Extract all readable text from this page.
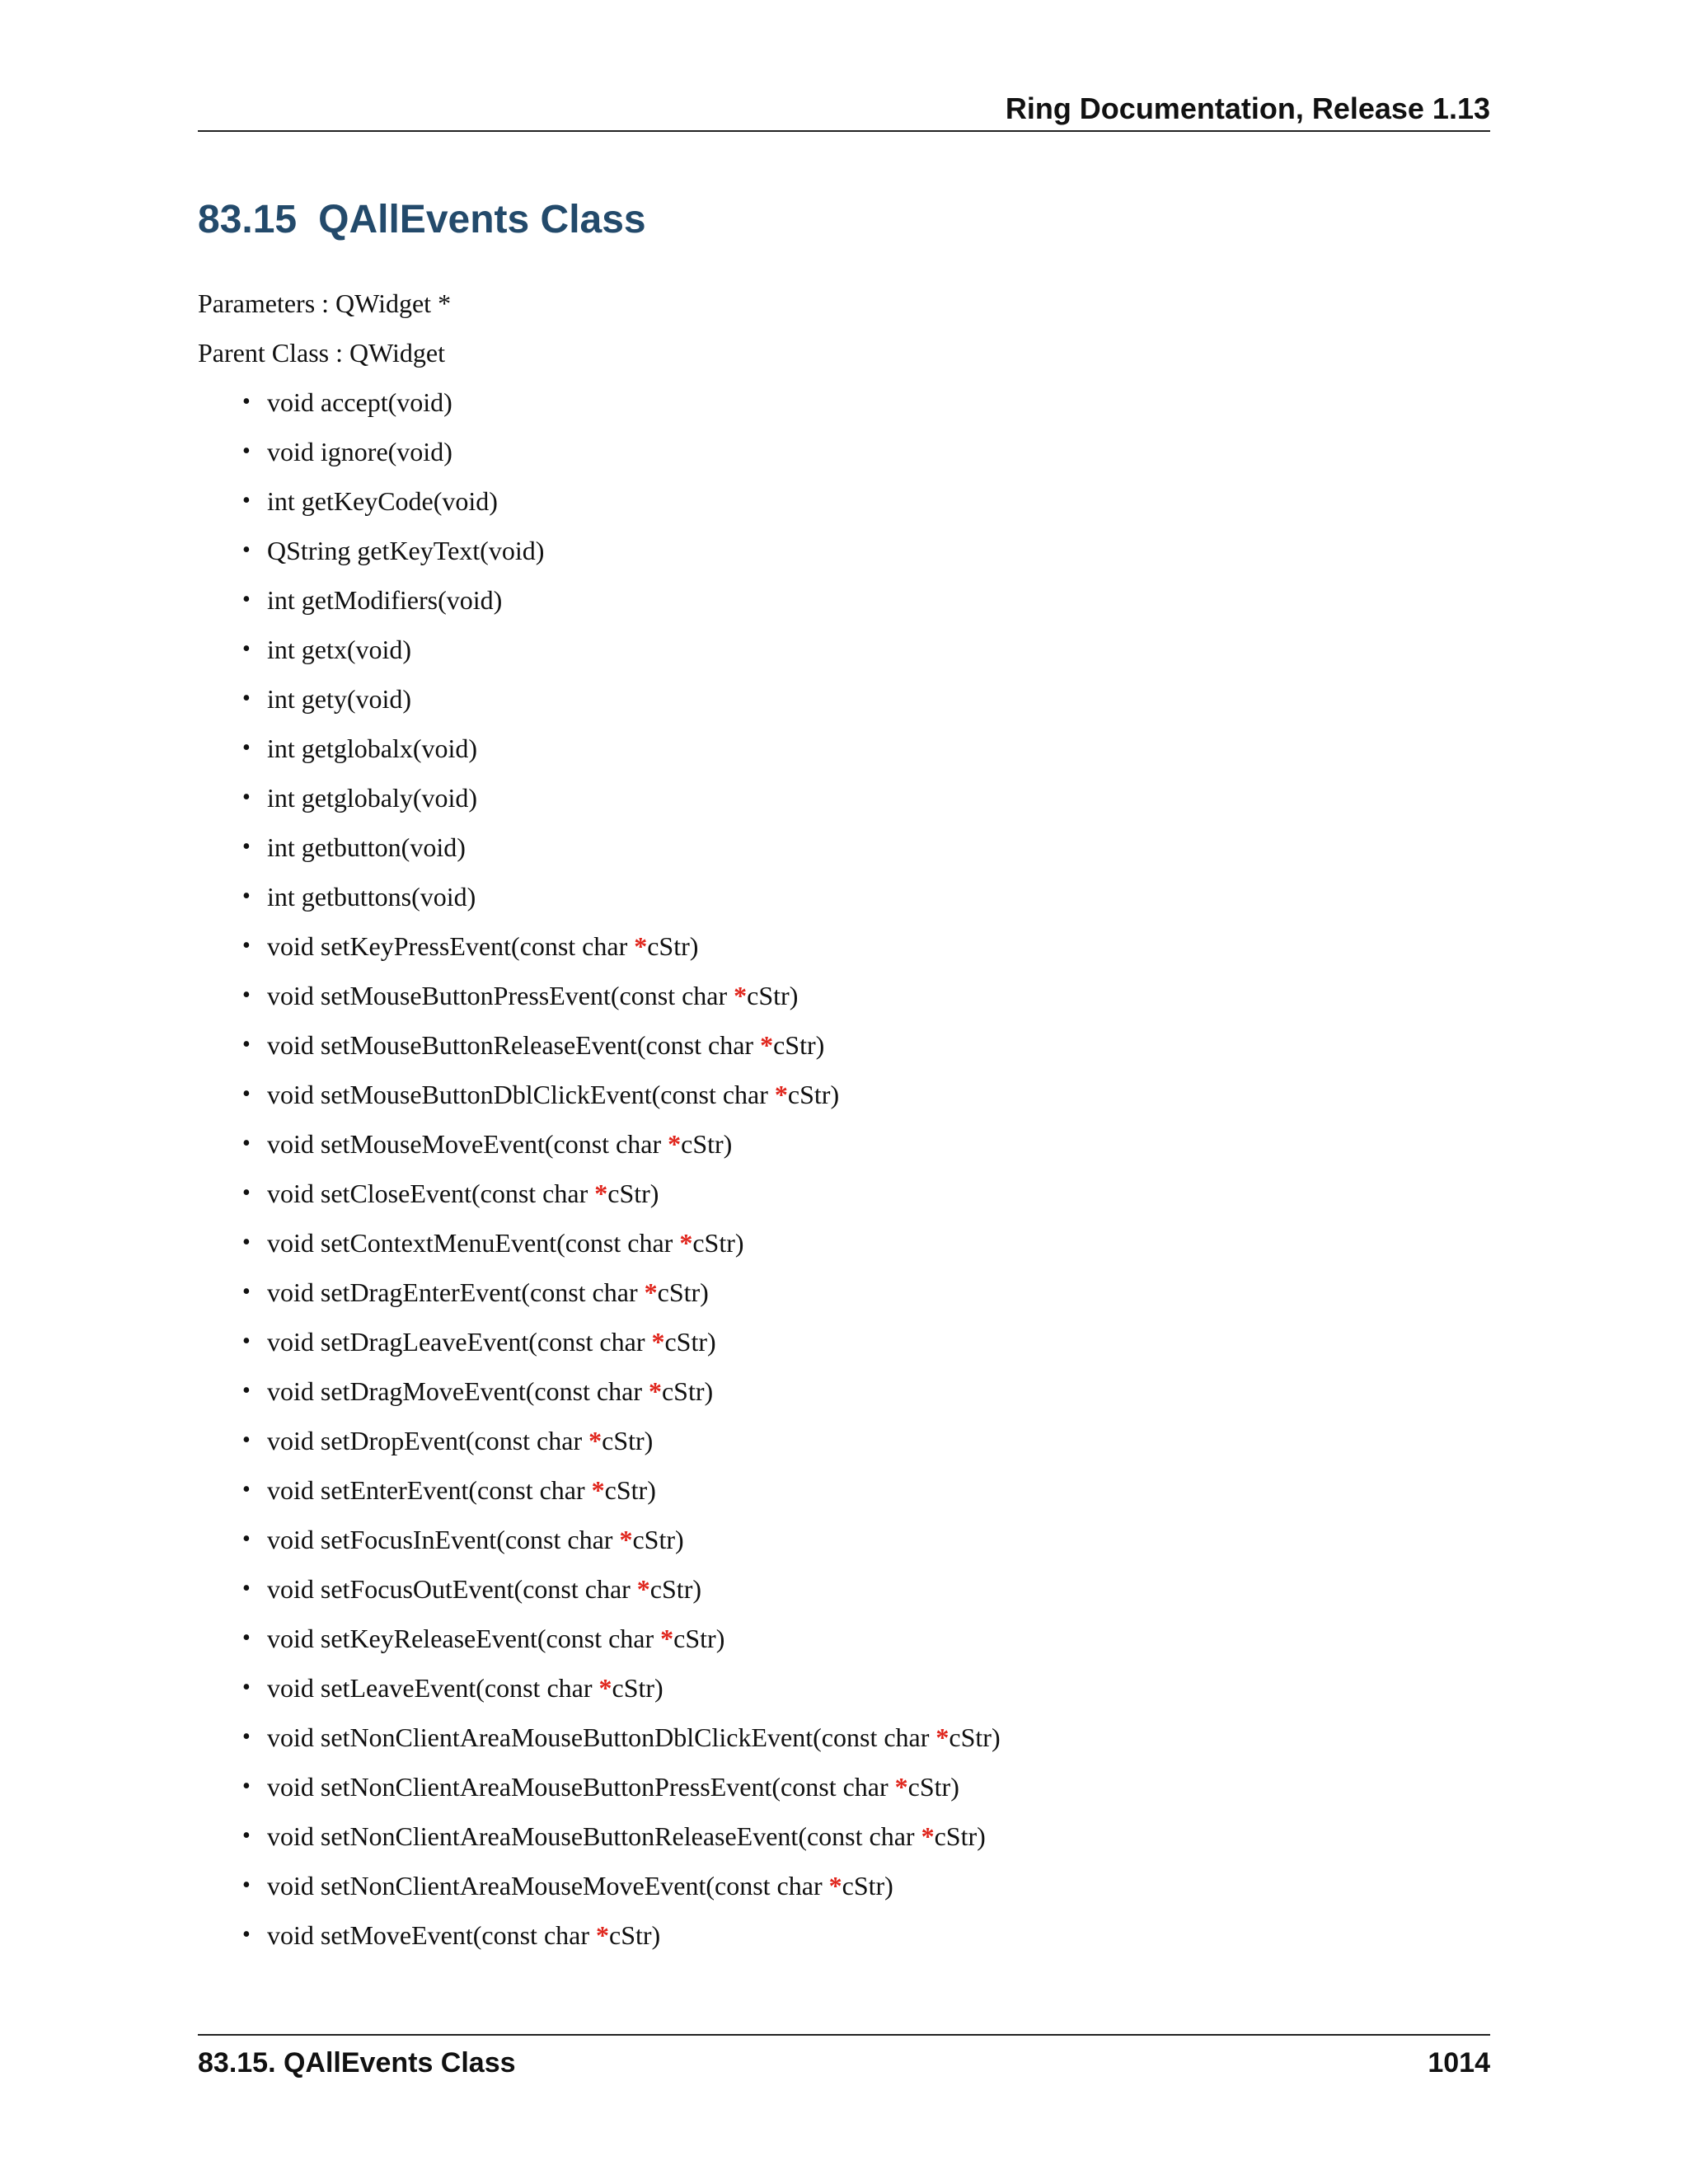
Ring Documentation, Release 1.13
83.15 QAllEvents Class
Parameters : QWidget *
Parent Class : QWidget
• void accept(void)
• void ignore(void)
• int getKeyCode(void)
• QString getKeyText(void)
• int getModifiers(void)
• int getx(void)
• int gety(void)
• int getglobalx(void)
• int getglobaly(void)
• int getbutton(void)
• int getbuttons(void)
• void setKeyPressEvent(const char *cStr)
• void setMouseButtonPressEvent(const char *cStr)
• void setMouseButtonReleaseEvent(const char *cStr)
• void setMouseButtonDblClickEvent(const char *cStr)
• void setMouseMoveEvent(const char *cStr)
• void setCloseEvent(const char *cStr)
• void setContextMenuEvent(const char *cStr)
• void setDragEnterEvent(const char *cStr)
• void setDragLeaveEvent(const char *cStr)
• void setDragMoveEvent(const char *cStr)
• void setDropEvent(const char *cStr)
• void setEnterEvent(const char *cStr)
• void setFocusInEvent(const char *cStr)
• void setFocusOutEvent(const char *cStr)
• void setKeyReleaseEvent(const char *cStr)
• void setLeaveEvent(const char *cStr)
• void setNonClientAreaMouseButtonDblClickEvent(const char *cStr)
• void setNonClientAreaMouseButtonPressEvent(const char *cStr)
• void setNonClientAreaMouseButtonReleaseEvent(const char *cStr)
• void setNonClientAreaMouseMoveEvent(const char *cStr)
• void setMoveEvent(const char *cStr)
83.15. QAllEvents Class	1014
